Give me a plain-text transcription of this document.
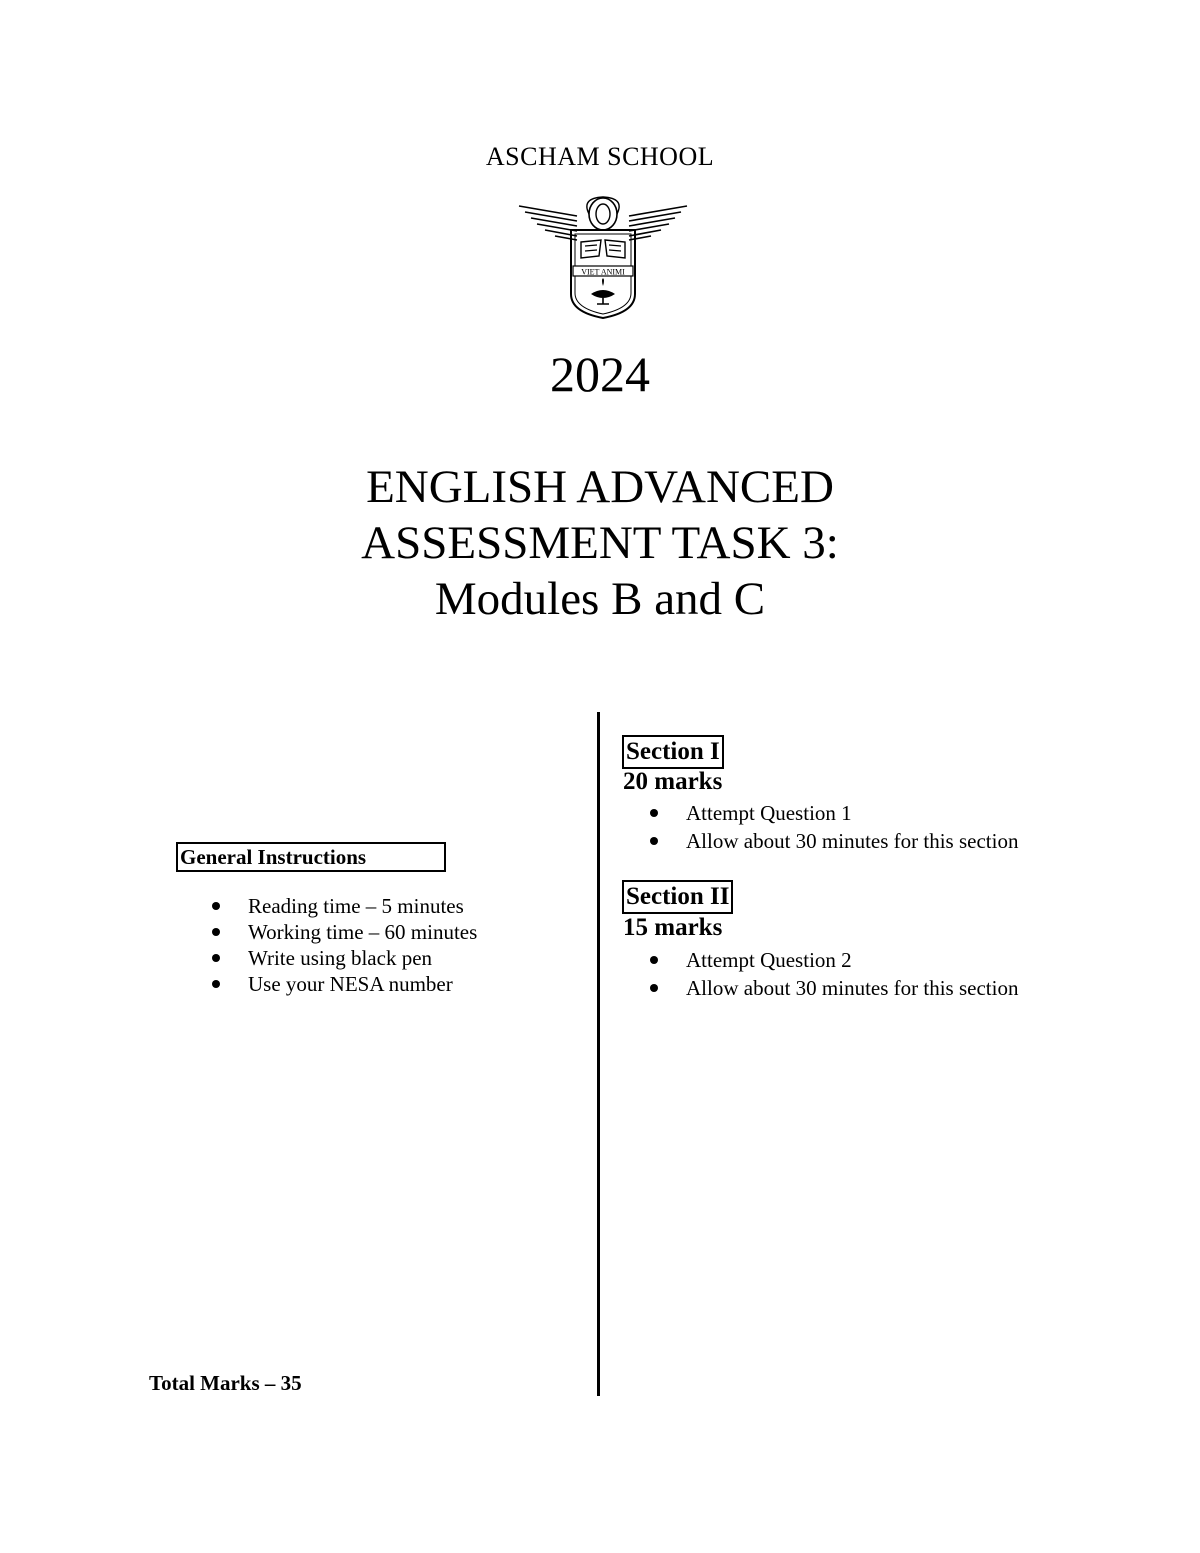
ASCHAM SCHOOL
VIET ANIMI
2024
ENGLISH ADVANCED
ASSESSMENT TASK 3:
Modules B and C
General Instructions
Reading time – 5 minutes
Working time – 60 minutes
Write using black pen
Use your NESA number
Total Marks – 35
Section I
20 marks
Attempt Question 1
Allow about 30 minutes for this section
Section II
15 marks
Attempt Question 2
Allow about 30 minutes for this section
